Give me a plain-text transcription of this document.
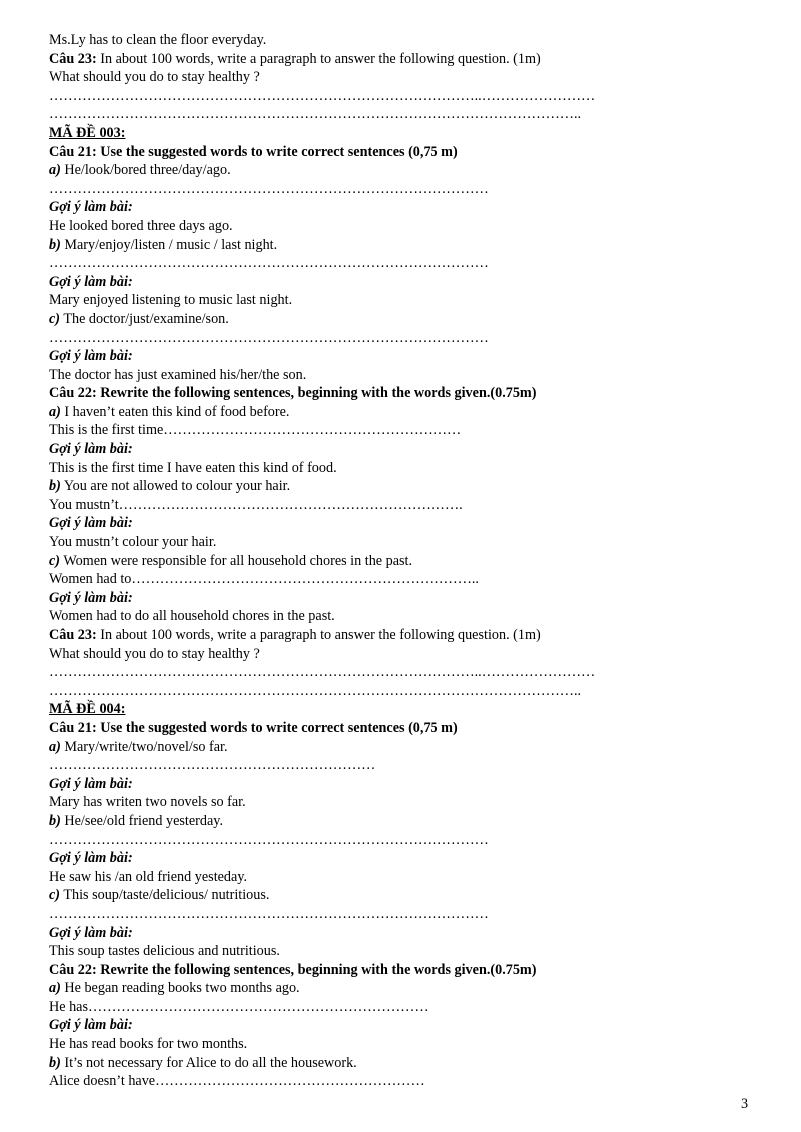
Ms.Ly has to clean the floor everyday.
Câu 23: In about 100 words, write a paragraph to answer the following question. (1m)
What should you do to stay healthy ?
………………………………………………………………………………..……………………
…………………………………………………………………………………………………..
MÃ ĐỀ 003:
Câu 21: Use the suggested words to write correct sentences (0,75 m)
a) He/look/bored three/day/ago.
…………………………………………………………………………………
Gợi ý làm bài:
He looked bored three days ago.
b) Mary/enjoy/listen / music / last night.
…………………………………………………………………………………
Gợi ý làm bài:
Mary enjoyed listening to music last night.
c) The doctor/just/examine/son.
…………………………………………………………………………………
Gợi ý làm bài:
The doctor has just examined his/her/the son.
Câu 22: Rewrite the following sentences, beginning with the words given.(0.75m)
a) I haven’t eaten this kind of food before.
This is the first time………………………………………………………
Gợi ý làm bài:
This is the first time I have eaten this kind of food.
b) You are not allowed to colour your hair.
You mustn’t……………………………………………………………….
Gợi ý làm bài:
You mustn’t colour your hair.
c) Women were responsible for all household chores in the past.
Women had to………………………………………………………………..
Gợi ý làm bài:
Women had to do all household chores in the past.
Câu 23: In about 100 words, write a paragraph to answer the following question. (1m)
What should you do to stay healthy ?
………………………………………………………………………………..……………………
…………………………………………………………………………………………………..
MÃ ĐỀ 004:
Câu 21: Use the suggested words to write correct sentences (0,75 m)
a) Mary/write/two/novel/so far.
……………………………………………………………
Gợi ý làm bài:
Mary has writen two novels so far.
b) He/see/old friend yesterday.
…………………………………………………………………………………
Gợi ý làm bài:
He saw his /an old friend yesteday.
c) This soup/taste/delicious/ nutritious.
…………………………………………………………………………………
Gợi ý làm bài:
This soup tastes delicious and nutritious.
Câu 22: Rewrite the following sentences, beginning with the words given.(0.75m)
a) He began reading books two months ago.
He has………………………………………………………………
Gợi ý làm bài:
He has read books for two months.
b) It’s not necessary for Alice to do all the housework.
Alice doesn’t have…………………………………………………
3
